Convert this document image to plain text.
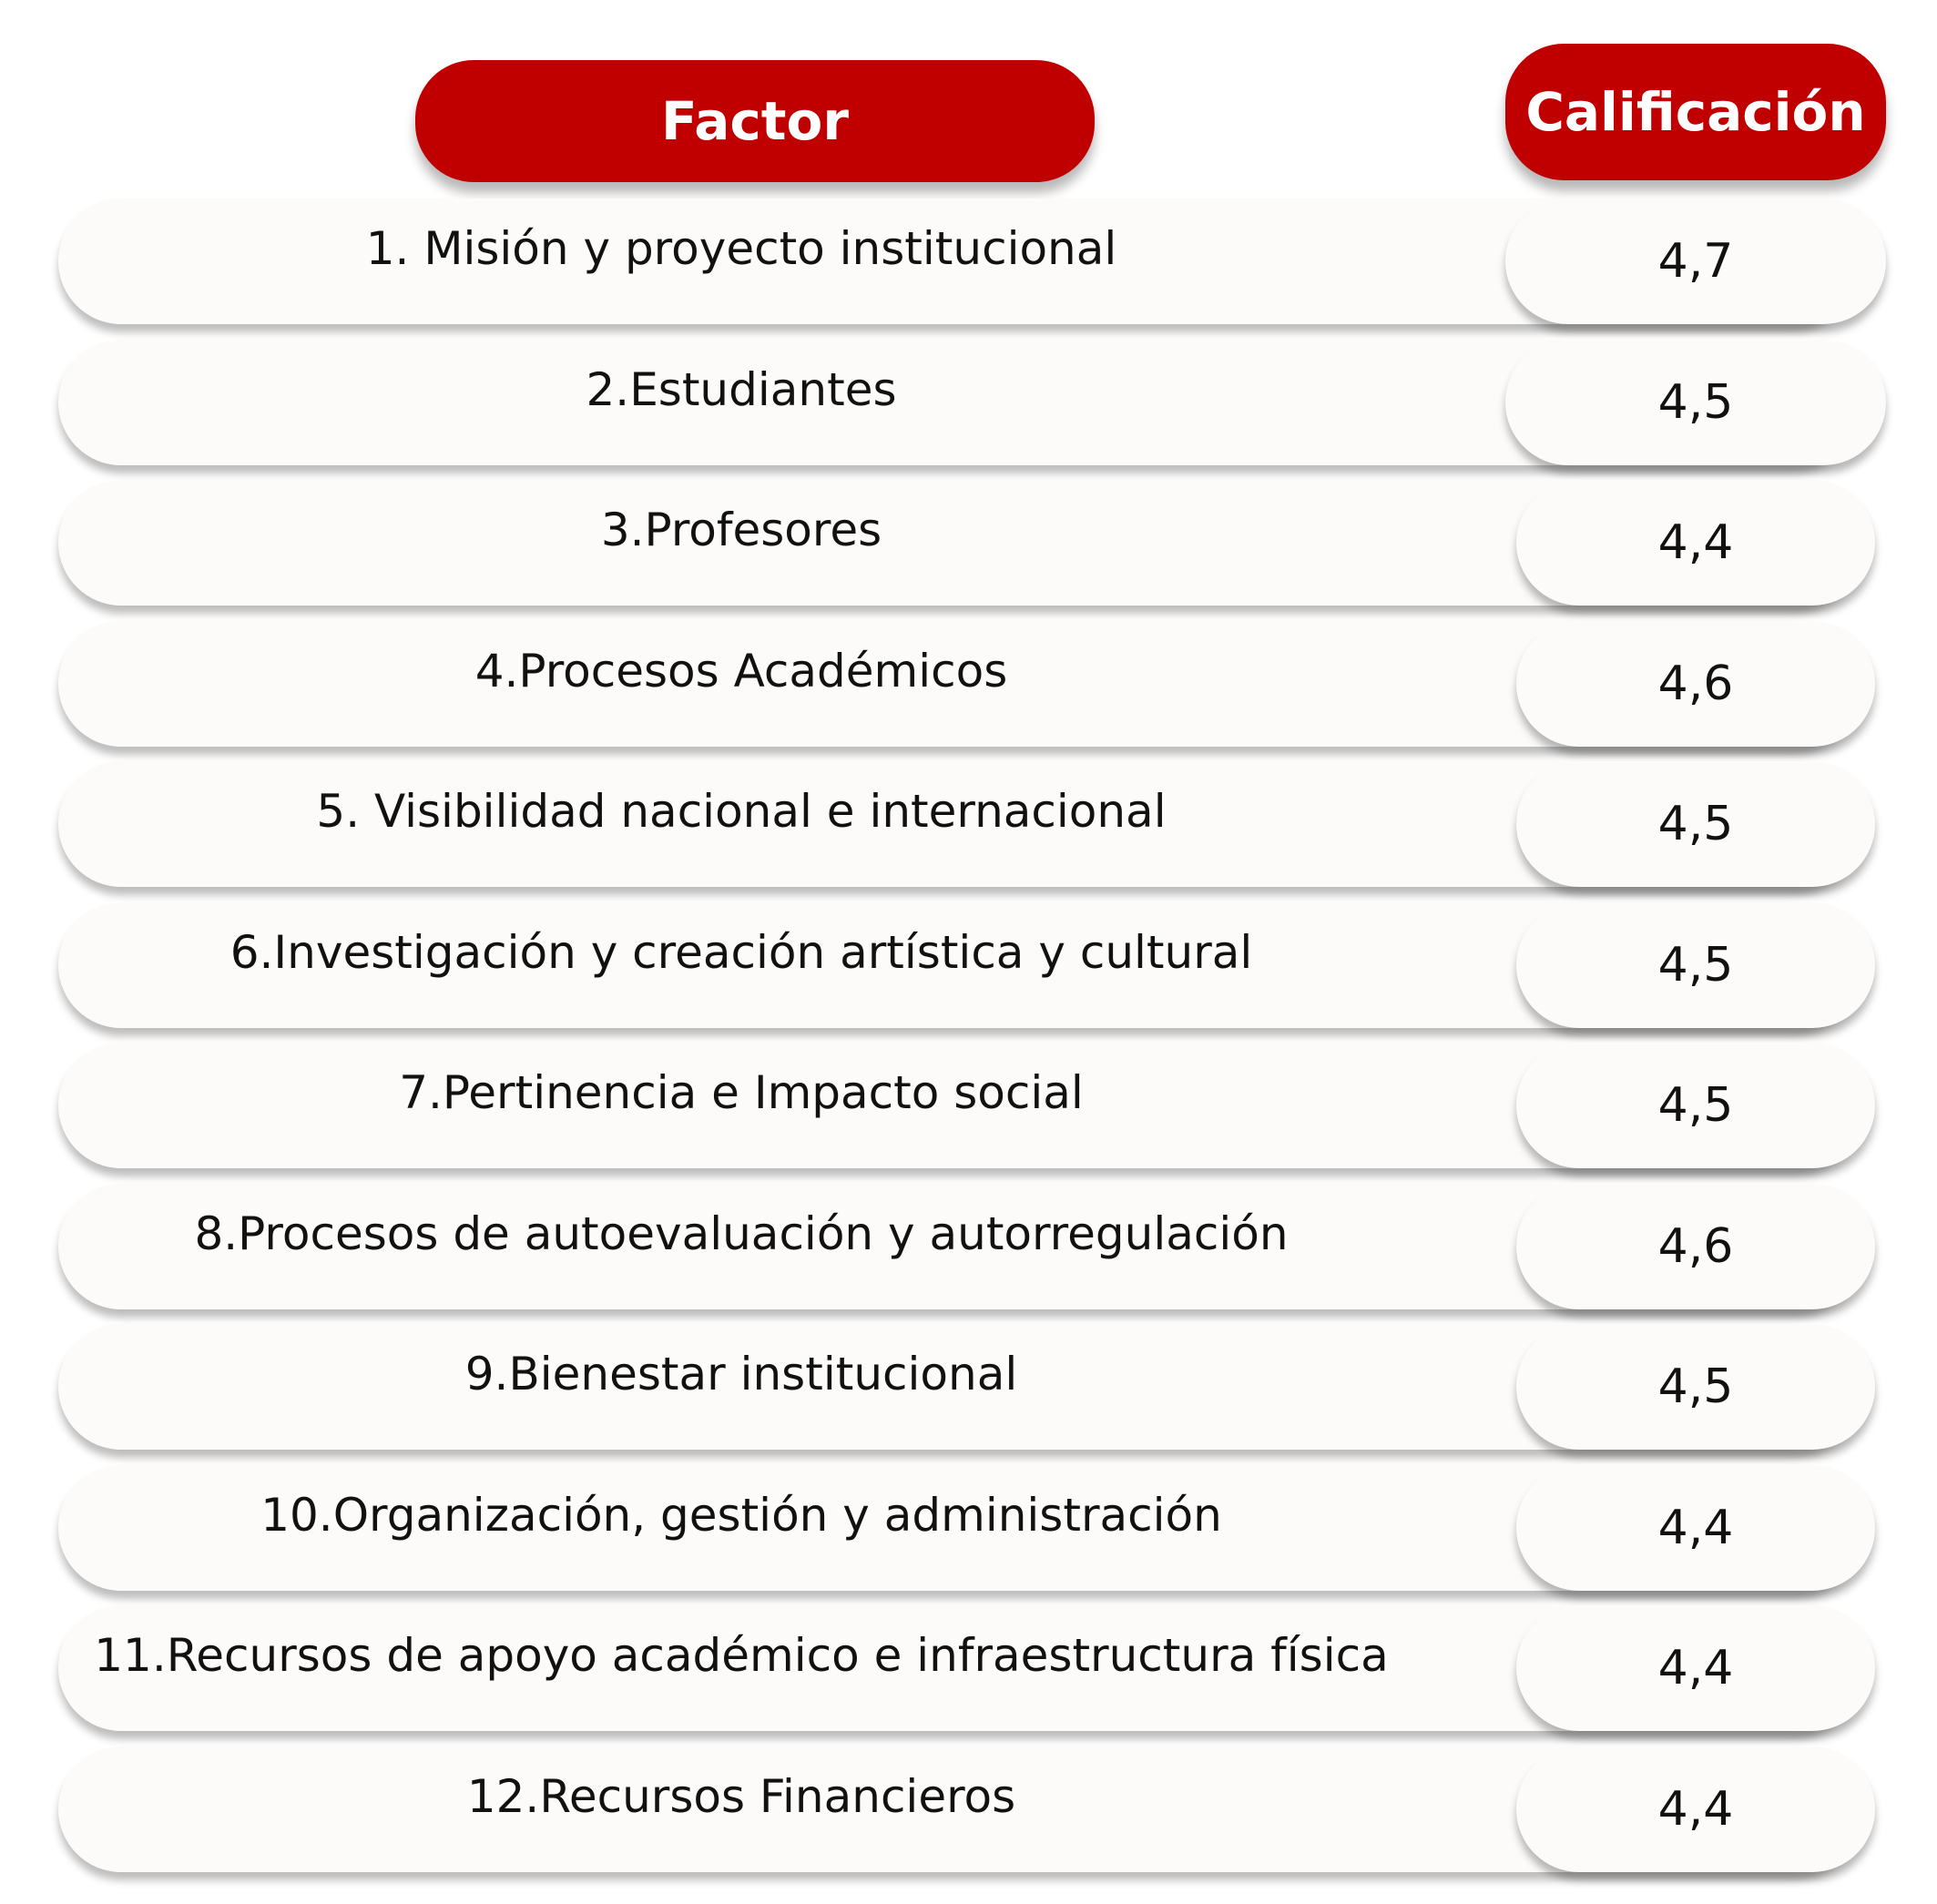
Factor	Calificación
1. Misión y proyecto institucional	4,7
2.Estudiantes	4,5
3.Profesores	4,4
4.Procesos Académicos	4,6
5. Visibilidad nacional e internacional	4,5
6.Investigación y creación artística y cultural	4,5
7.Pertinencia e Impacto social	4,5
8.Procesos de autoevaluación y autorregulación	4,6
9.Bienestar institucional	4,5
10.Organización, gestión y administración	4,4
11.Recursos de apoyo académico e infraestructura física	4,4
12.Recursos Financieros	4,4
